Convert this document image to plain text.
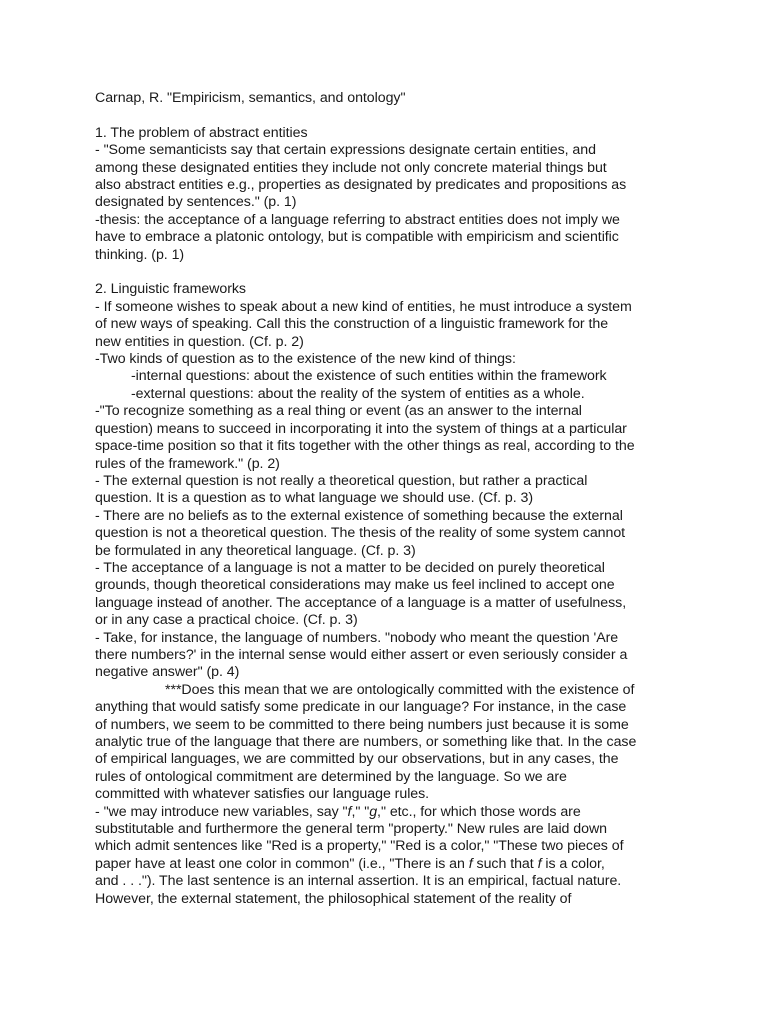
Carnap, R. "Empiricism, semantics, and ontology"
1. The problem of abstract entities
- "Some semanticists say that certain expressions designate certain entities, and
among these designated entities they include not only concrete material things but
also abstract entities e.g., properties as designated by predicates and propositions as
designated by sentences." (p. 1)
-thesis: the acceptance of a language referring to abstract entities does not imply we
have to embrace a platonic ontology, but is compatible with empiricism and scientific
thinking. (p. 1)
2. Linguistic frameworks
- If someone wishes to speak about a new kind of entities, he must introduce a system
of new ways of speaking. Call this the construction of a linguistic framework for the
new entities in question. (Cf. p. 2)
-Two kinds of question as to the existence of the new kind of things:
-internal questions: about the existence of such entities within the framework
-external questions: about the reality of the system of entities as a whole.
-"To recognize something as a real thing or event (as an answer to the internal
question) means to succeed in incorporating it into the system of things at a particular
space-time position so that it fits together with the other things as real, according to the
rules of the framework." (p. 2)
- The external question is not really a theoretical question, but rather a practical
question. It is a question as to what language we should use. (Cf. p. 3)
- There are no beliefs as to the external existence of something because the external
question is not a theoretical question. The thesis of the reality of some system cannot
be formulated in any theoretical language. (Cf. p. 3)
- The acceptance of a language is not a matter to be decided on purely theoretical
grounds, though theoretical considerations may make us feel inclined to accept one
language instead of another. The acceptance of a language is a matter of usefulness,
or in any case a practical choice. (Cf. p. 3)
- Take, for instance, the language of numbers. "nobody who meant the question 'Are
there numbers?' in the internal sense would either assert or even seriously consider a
negative answer" (p. 4)
***Does this mean that we are ontologically committed with the existence of
anything that would satisfy some predicate in our language? For instance, in the case
of numbers, we seem to be committed to there being numbers just because it is some
analytic true of the language that there are numbers, or something like that. In the case
of empirical languages, we are committed by our observations, but in any cases, the
rules of ontological commitment are determined by the language. So we are
committed with whatever satisfies our language rules.
- "we may introduce new variables, say "f," "g," etc., for which those words are
substitutable and furthermore the general term "property." New rules are laid down
which admit sentences like "Red is a property," "Red is a color," "These two pieces of
paper have at least one color in common" (i.e., "There is an f such that f is a color,
and . . ."). The last sentence is an internal assertion. It is an empirical, factual nature.
However, the external statement, the philosophical statement of the reality of
